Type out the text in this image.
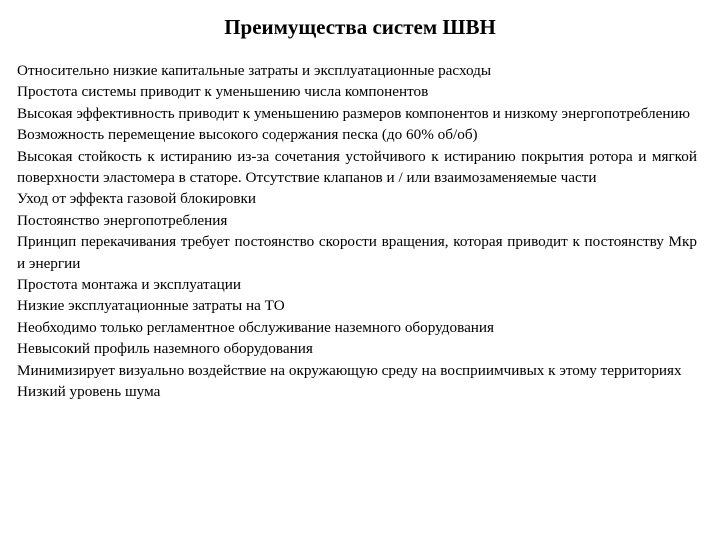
Преимущества систем ШВН
Относительно низкие капитальные затраты и эксплуатационные расходы
Простота системы приводит к уменьшению числа компонентов
Высокая эффективность приводит к уменьшению размеров компонентов и низкому энергопотреблению
Возможность перемещение высокого содержания песка (до 60% об/об)
Высокая стойкость к истиранию из-за сочетания устойчивого к истиранию покрытия ротора и мягкой поверхности эластомера в статоре. Отсутствие клапанов и / или взаимозаменяемые части
Уход от эффекта газовой блокировки
Постоянство энергопотребления
Принцип перекачивания требует постоянство скорости вращения, которая приводит к постоянству Мкр и энергии
Простота монтажа и эксплуатации
Низкие эксплуатационные затраты на ТО
Необходимо только регламентное обслуживание наземного оборудования
Невысокий профиль наземного оборудования
Минимизирует визуально воздействие на окружающую среду на восприимчивых к этому территориях
Низкий уровень шума
